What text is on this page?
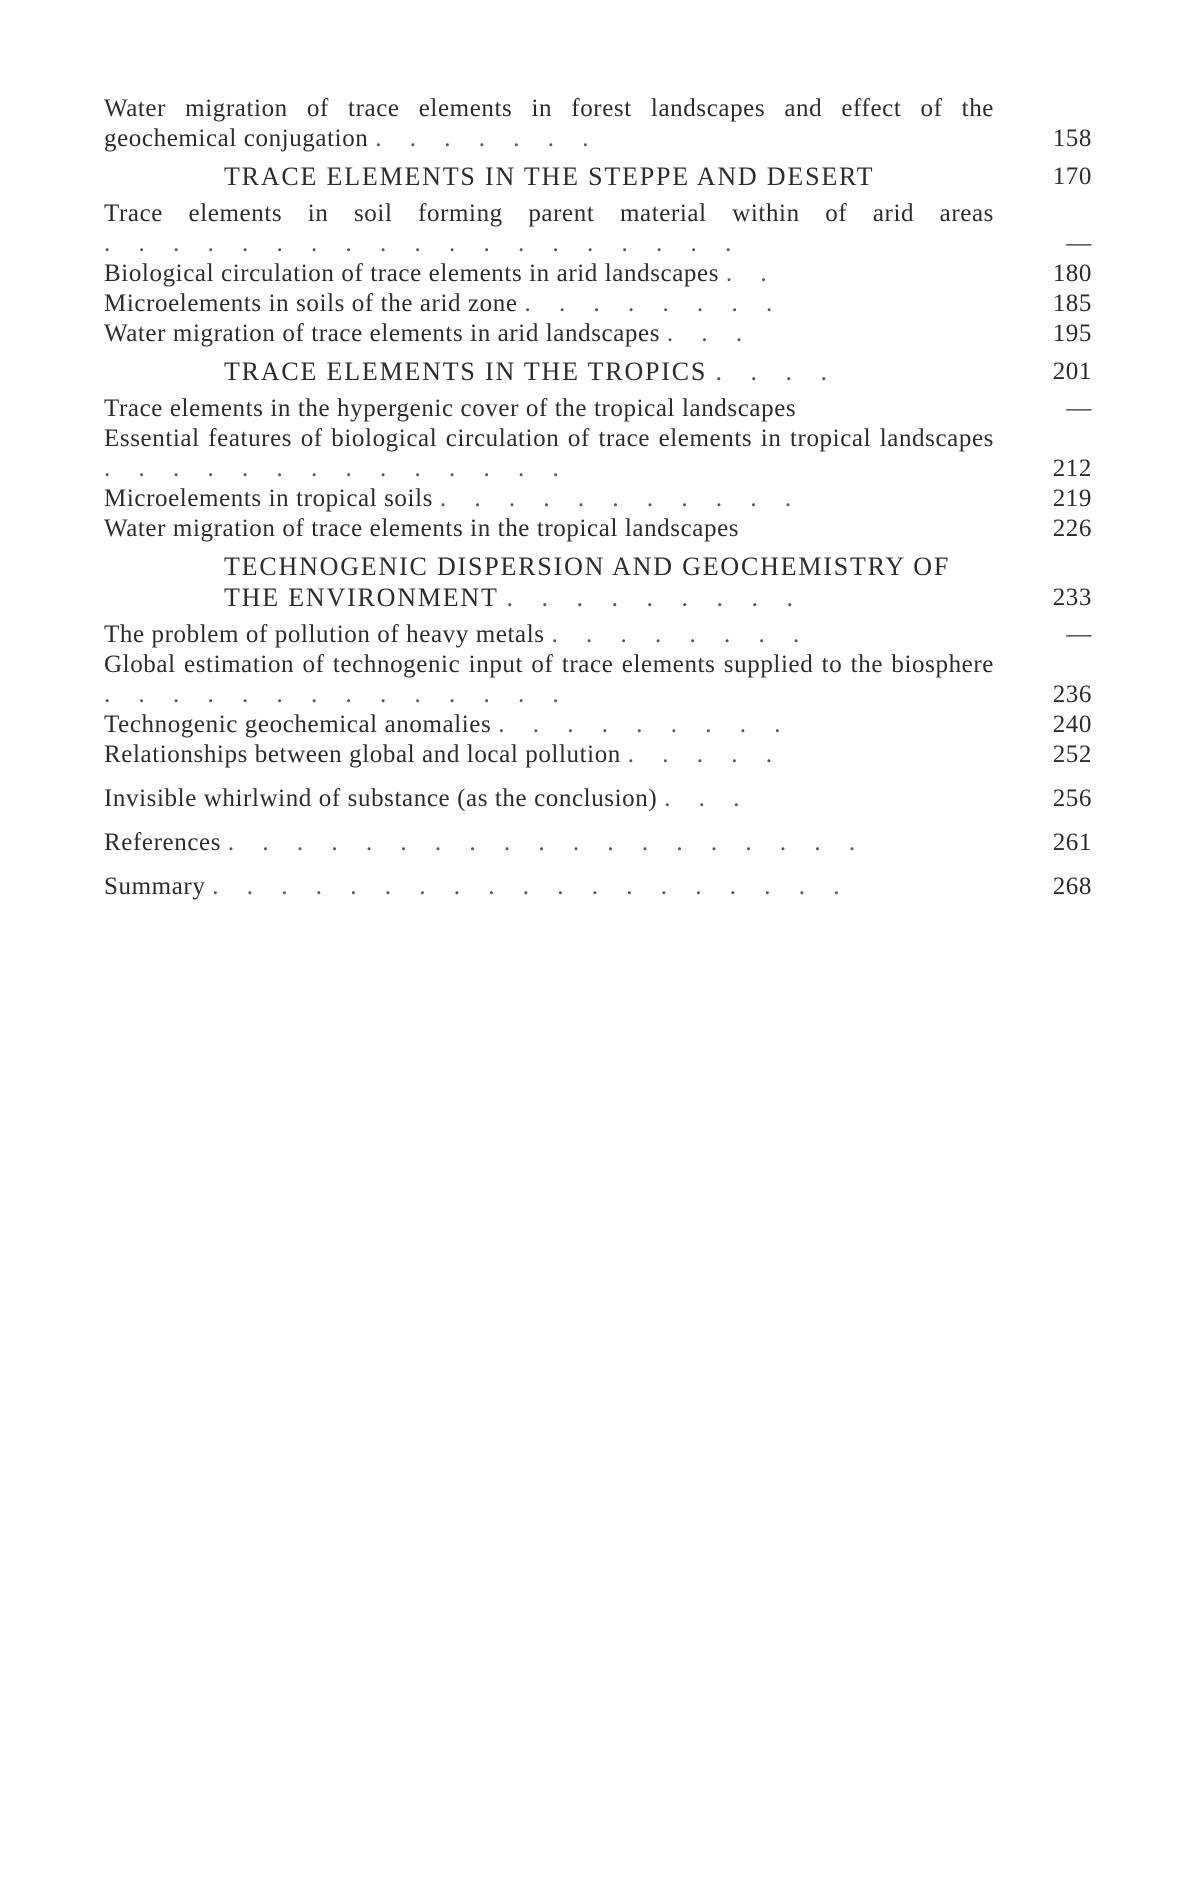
Water migration of trace elements in forest landscapes and effect of the geochemical conjugation . . . . . . .	158
TRACE ELEMENTS IN THE STEPPE AND DESERT	170
Trace elements in soil forming parent material within of arid areas . . . . . . . . . . . . . . . . . . .	—
Biological circulation of trace elements in arid landscapes . .	180
Microelements in soils of the arid zone . . . . . . . .	185
Water migration of trace elements in arid landscapes . . .	195
TRACE ELEMENTS IN THE TROPICS . . . .	201
Trace elements in the hypergenic cover of the tropical landscapes	—
Essential features of biological circulation of trace elements in tropical landscapes . . . . . . . . . . . . . .	212
Microelements in tropical soils . . . . . . . . . . .	219
Water migration of trace elements in the tropical landscapes	226
TECHNOGENIC DISPERSION AND GEOCHEMISTRY OF THE ENVIRONMENT . . . . . . . . .	233
The problem of pollution of heavy metals . . . . . . . .	—
Global estimation of technogenic input of trace elements supplied to the biosphere . . . . . . . . . . . . . .	236
Technogenic geochemical anomalies . . . . . . . . .	240
Relationships between global and local pollution . . . . .	252
Invisible whirlwind of substance (as the conclusion) . . .	256
References . . . . . . . . . . . . . . . . . . .	261
Summary . . . . . . . . . . . . . . . . . . .	268
